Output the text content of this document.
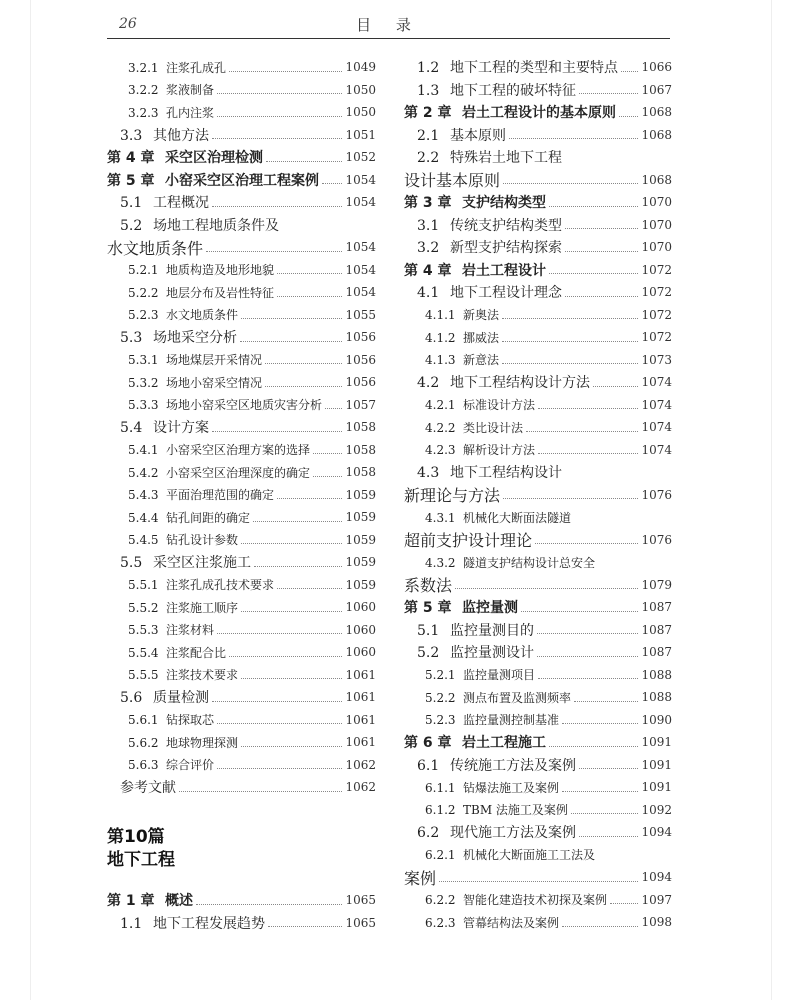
26	目 录
3.2.1 注浆孔成孔	1049
3.2.2 浆液制备	1050
3.2.3 孔内注浆	1050
3.3 其他方法	1051
第 4 章 采空区治理检测	1052
第 5 章 小窑采空区治理工程案例 1054
5.1 工程概况	1054
5.2 场地工程地质条件及
水文地质条件	1054
5.2.1 地质构造及地形地貌	1054
5.2.2 地层分布及岩性特征	1054
5.2.3 水文地质条件	1055
5.3 场地采空分析	1056
5.3.1 场地煤层开采情况	1056
5.3.2 场地小窑采空情况	1056
5.3.3 场地小窑采空区地质灾害分析 1057
5.4 设计方案	1058
5.4.1 小窑采空区治理方案的选择	1058
5.4.2 小窑采空区治理深度的确定	1058
5.4.3 平面治理范围的确定	1059
5.4.4 钻孔间距的确定	1059
5.4.5 钻孔设计参数	1059
5.5 采空区注浆施工	1059
5.5.1 注浆孔成孔技术要求	1059
5.5.2 注浆施工顺序	1060
5.5.3 注浆材料	1060
5.5.4 注浆配合比	1060
5.5.5 注浆技术要求	1061
5.6 质量检测	1061
5.6.1 钻探取芯	1061
5.6.2 地球物理探测	1061
5.6.3 综合评价	1062
参考文献	1062
第 1 章 概述	1065
1.1 地下工程发展趋势	1065
1.2 地下工程的类型和主要特点 1066
1.3 地下工程的破坏特征	1067
第 2 章 岩土工程设计的基本原则 1068
2.1 基本原则	1068
2.2 特殊岩土地下工程
设计基本原则	1068
第 3 章 支护结构类型	1070
3.1 传统支护结构类型	1070
3.2 新型支护结构探索	1070
第 4 章 岩土工程设计	1072
4.1 地下工程设计理念	1072
4.1.1 新奥法	1072
4.1.2 挪威法	1072
4.1.3 新意法	1073
4.2 地下工程结构设计方法	1074
4.2.1 标准设计方法	1074
4.2.2 类比设计法	1074
4.2.3 解析设计方法	1074
4.3 地下工程结构设计
新理论与方法	1076
4.3.1 机械化大断面法隧道
超前支护设计理论	1076
4.3.2 隧道支护结构设计总安全
系数法	1079
第 5 章 监控量测	1087
5.1 监控量测目的	1087
5.2 监控量测设计	1087
5.2.1 监控量测项目	1088
5.2.2 测点布置及监测频率	1088
5.2.3 监控量测控制基准	1090
第 6 章 岩土工程施工	1091
6.1 传统施工方法及案例	1091
6.1.1 钻爆法施工及案例	1091
6.1.2 TBM 法施工及案例	1092
6.2 现代施工方法及案例	1094
6.2.1 机械化大断面施工工法及
案例	1094
6.2.2 智能化建造技术初探及案例	1097
6.2.3 管幕结构法及案例	1098
第10篇
地下工程
